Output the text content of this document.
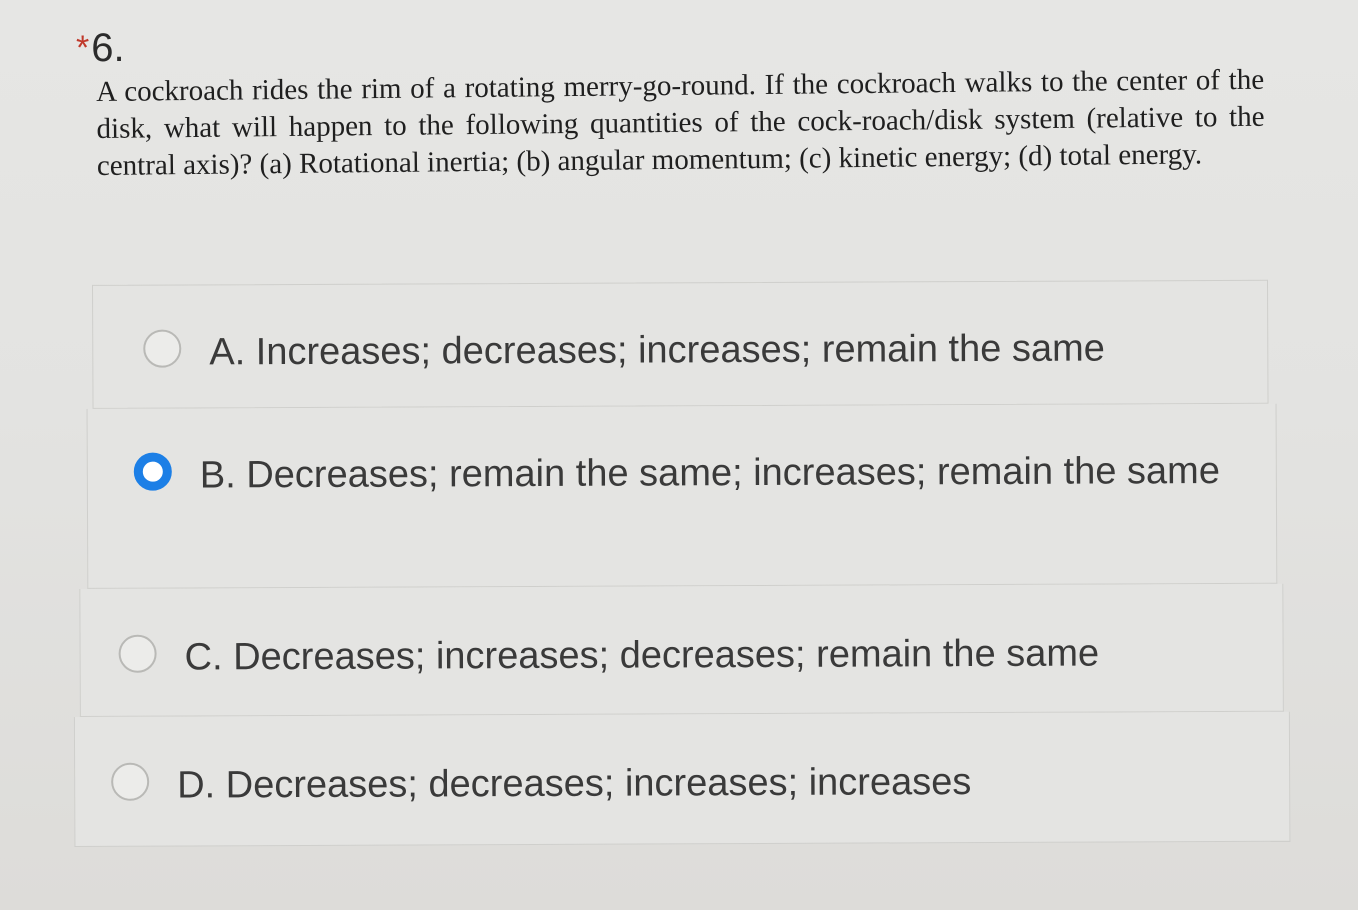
* 6.
A cockroach rides the rim of a rotating merry-go-round. If the cockroach walks to the center of the disk, what will happen to the following quantities of the cock-roach/disk system (relative to the central axis)? (a) Rotational inertia; (b) angular momentum; (c) kinetic energy; (d) total energy.
A. Increases; decreases; increases; remain the same
B. Decreases; remain the same; increases; remain the same
C. Decreases; increases; decreases; remain the same
D. Decreases; decreases; increases; increases
